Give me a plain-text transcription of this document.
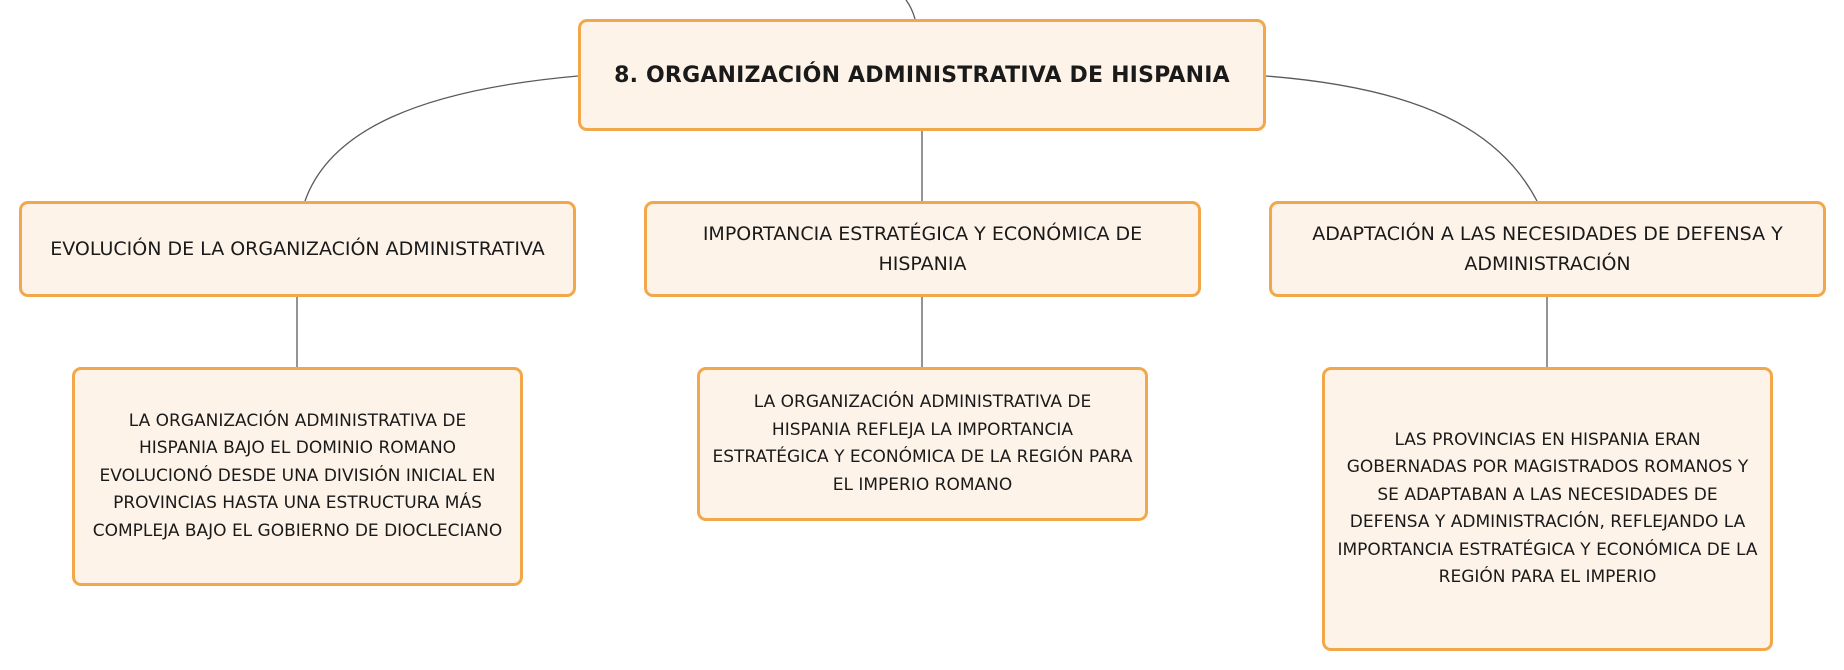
8. ORGANIZACIÓN ADMINISTRATIVA DE HISPANIA
EVOLUCIÓN DE LA ORGANIZACIÓN ADMINISTRATIVA
IMPORTANCIA ESTRATÉGICA Y ECONÓMICA DE HISPANIA
ADAPTACIÓN A LAS NECESIDADES DE DEFENSA Y ADMINISTRACIÓN
LA ORGANIZACIÓN ADMINISTRATIVA DE HISPANIA BAJO EL DOMINIO ROMANO EVOLUCIONÓ DESDE UNA DIVISIÓN INICIAL EN PROVINCIAS HASTA UNA ESTRUCTURA MÁS COMPLEJA BAJO EL GOBIERNO DE DIOCLECIANO
LA ORGANIZACIÓN ADMINISTRATIVA DE HISPANIA REFLEJA LA IMPORTANCIA ESTRATÉGICA Y ECONÓMICA DE LA REGIÓN PARA EL IMPERIO ROMANO
LAS PROVINCIAS EN HISPANIA ERAN GOBERNADAS POR MAGISTRADOS ROMANOS Y SE ADAPTABAN A LAS NECESIDADES DE DEFENSA Y ADMINISTRACIÓN, REFLEJANDO LA IMPORTANCIA ESTRATÉGICA Y ECONÓMICA DE LA REGIÓN PARA EL IMPERIO
